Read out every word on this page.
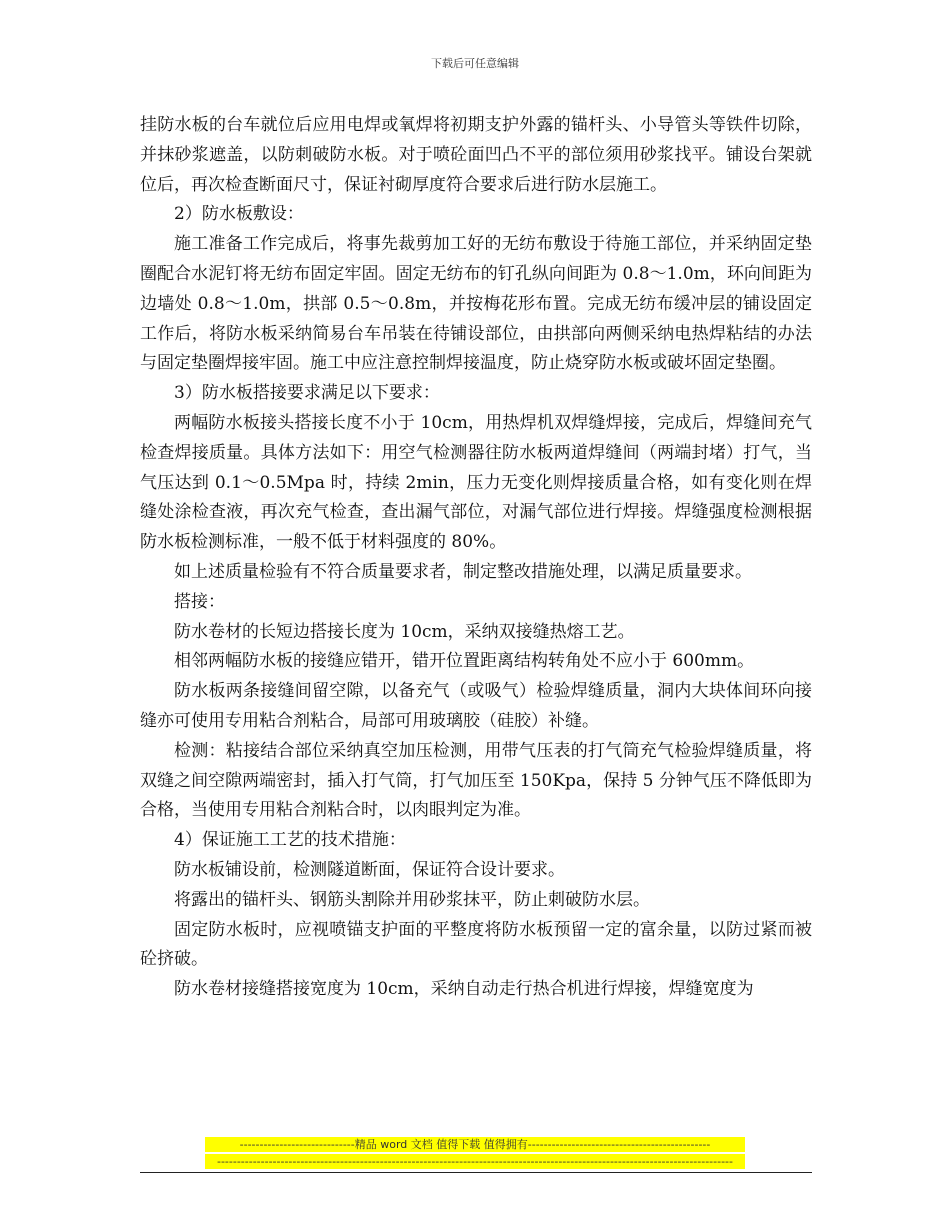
下载后可任意编辑

挂防水板的台车就位后应用电焊或氧焊将初期支护外露的锚杆头、小导管头等铁件切除，并抹砂浆遮盖，以防刺破防水板。对于喷砼面凹凸不平的部位须用砂浆找平。铺设台架就位后，再次检查断面尺寸，保证衬砌厚度符合要求后进行防水层施工。

2）防水板敷设：

施工准备工作完成后，将事先裁剪加工好的无纺布敷设于待施工部位，并采纳固定垫圈配合水泥钉将无纺布固定牢固。固定无纺布的钉孔纵向间距为 0.8～1.0m，环向间距为边墙处 0.8～1.0m，拱部 0.5～0.8m，并按梅花形布置。完成无纺布缓冲层的铺设固定工作后，将防水板采纳简易台车吊装在待铺设部位，由拱部向两侧采纳电热焊粘结的办法与固定垫圈焊接牢固。施工中应注意控制焊接温度，防止烧穿防水板或破坏固定垫圈。

3）防水板搭接要求满足以下要求：

两幅防水板接头搭接长度不小于 10cm，用热焊机双焊缝焊接，完成后，焊缝间充气检查焊接质量。具体方法如下：用空气检测器往防水板两道焊缝间（两端封堵）打气，当气压达到 0.1～0.5Mpa 时，持续 2min，压力无变化则焊接质量合格，如有变化则在焊缝处涂检查液，再次充气检查，查出漏气部位，对漏气部位进行焊接。焊缝强度检测根据防水板检测标准，一般不低于材料强度的 80%。

如上述质量检验有不符合质量要求者，制定整改措施处理，以满足质量要求。

搭接：

防水卷材的长短边搭接长度为 10cm，采纳双接缝热熔工艺。

相邻两幅防水板的接缝应错开，错开位置距离结构转角处不应小于 600mm。

防水板两条接缝间留空隙，以备充气（或吸气）检验焊缝质量，洞内大块体间环向接缝亦可使用专用粘合剂粘合，局部可用玻璃胶（硅胶）补缝。

检测：粘接结合部位采纳真空加压检测，用带气压表的打气筒充气检验焊缝质量，将双缝之间空隙两端密封，插入打气筒，打气加压至 150Kpa，保持 5 分钟气压不降低即为合格，当使用专用粘合剂粘合时，以肉眼判定为准。

4）保证施工工艺的技术措施：

防水板铺设前，检测隧道断面，保证符合设计要求。

将露出的锚杆头、钢筋头割除并用砂浆抹平，防止刺破防水层。

固定防水板时，应视喷锚支护面的平整度将防水板预留一定的富余量，以防过紧而被砼挤破。

防水卷材接缝搭接宽度为 10cm，采纳自动走行热合机进行焊接，焊缝宽度为

-----------------------------精品 word 文档 值得下载 值得拥有----------------------------------------------
----------------------------------------------------------------------------------------------------------------------------------
